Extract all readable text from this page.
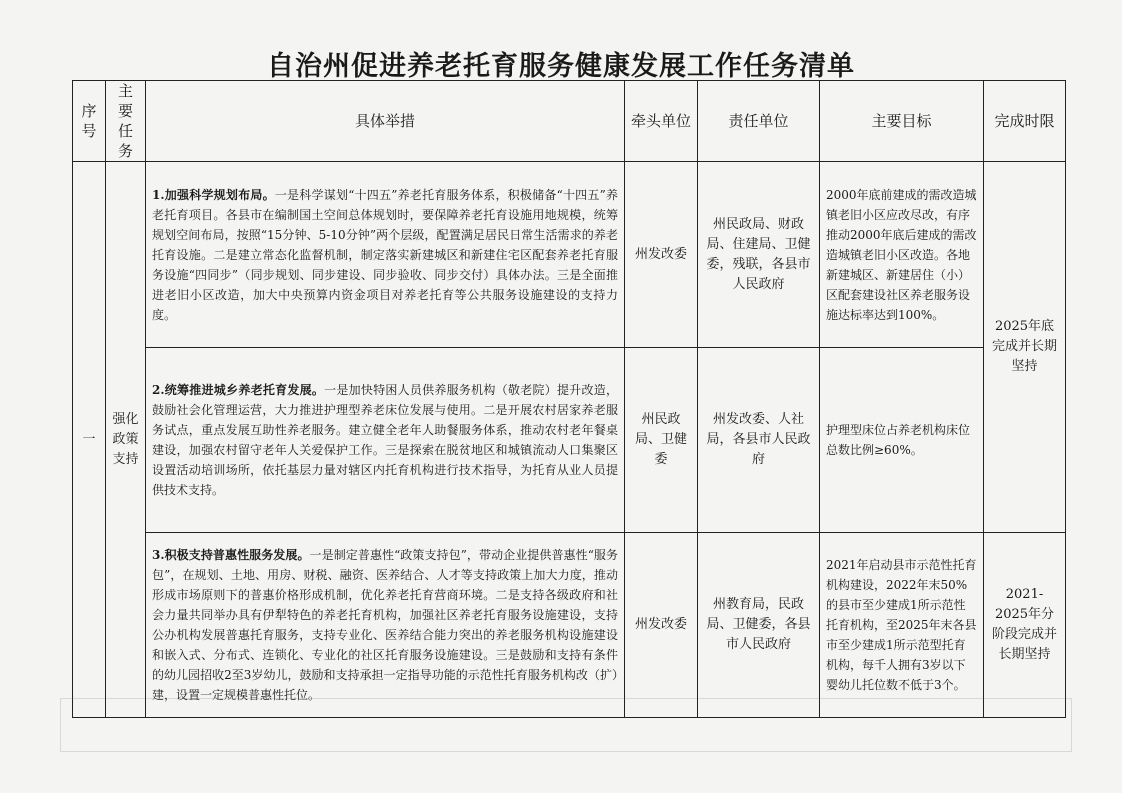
自治州促进养老托育服务健康发展工作任务清单
序号	主要任务	具体举措	牵头单位	责任单位	主要目标	完成时限
一	强化政策支持	1.加强科学规划布局。一是科学谋划“十四五”养老托育服务体系，积极储备“十四五”养老托育项目。各县市在编制国土空间总体规划时，要保障养老托育设施用地规模，统筹规划空间布局，按照“15分钟、5-10分钟”两个层级，配置满足居民日常生活需求的养老托育设施。二是建立常态化监督机制，制定落实新建城区和新建住宅区配套养老托育服务设施“四同步”（同步规划、同步建设、同步验收、同步交付）具体办法。三是全面推进老旧小区改造，加大中央预算内资金项目对养老托育等公共服务设施建设的支持力度。	州发改委	州民政局、财政局、住建局、卫健委，残联，各县市人民政府	2000年底前建成的需改造城镇老旧小区应改尽改，有序推动2000年底后建成的需改造城镇老旧小区改造。各地新建城区、新建居住（小）区配套建设社区养老服务设施达标率达到100%。	2025年底完成并长期坚持
		2.统筹推进城乡养老托育发展。一是加快特困人员供养服务机构（敬老院）提升改造，鼓励社会化管理运营，大力推进护理型养老床位发展与使用。二是开展农村居家养老服务试点，重点发展互助性养老服务。建立健全老年人助餐服务体系，推动农村老年餐桌建设，加强农村留守老年人关爱保护工作。三是探索在脱贫地区和城镇流动人口集聚区设置活动培训场所，依托基层力量对辖区内托育机构进行技术指导，为托育从业人员提供技术支持。	州民政局、卫健委	州发改委、人社局，各县市人民政府	护理型床位占养老机构床位总数比例≥60%。	
		3.积极支持普惠性服务发展。一是制定普惠性“政策支持包”，带动企业提供普惠性“服务包”，在规划、土地、用房、财税、融资、医养结合、人才等支持政策上加大力度，推动形成市场原则下的普惠价格形成机制，优化养老托育营商环境。二是支持各级政府和社会力量共同举办具有伊犁特色的养老托育机构，加强社区养老托育服务设施建设，支持公办机构发展普惠托育服务，支持专业化、医养结合能力突出的养老服务机构设施建设和嵌入式、分布式、连锁化、专业化的社区托育服务设施建设。三是鼓励和支持有条件的幼儿园招收2至3岁幼儿，鼓励和支持承担一定指导功能的示范性托育服务机构改（扩）建，设置一定规模普惠性托位。	州发改委	州教育局，民政局、卫健委，各县市人民政府	2021年启动县市示范性托育机构建设，2022年末50%的县市至少建成1所示范性托育机构，至2025年末各县市至少建成1所示范型托育机构，每千人拥有3岁以下婴幼儿托位数不低于3个。	2021-2025年分阶段完成并长期坚持
